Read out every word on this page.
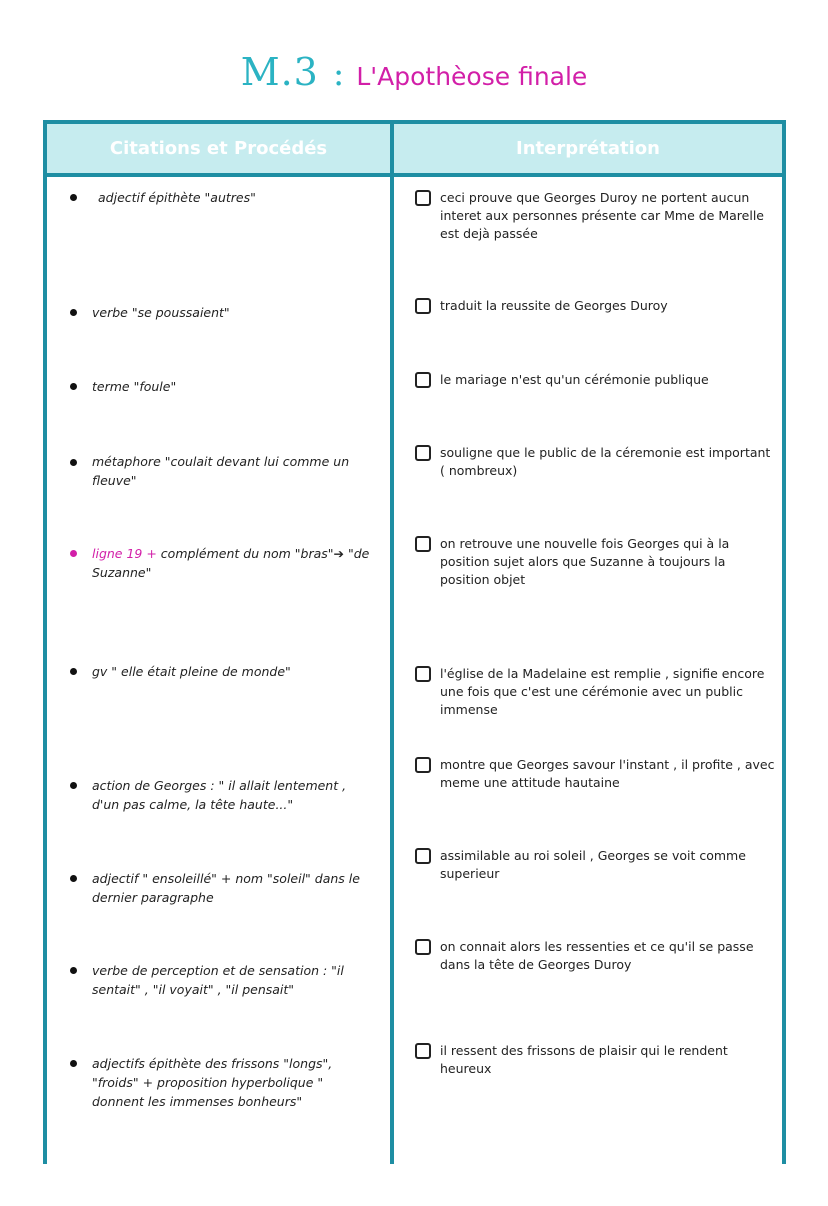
M.3 : L'Apothèose finale
Citations et Procédés	Interprétation
adjectif épithète "autres"
verbe "se poussaient"
terme "foule"
métaphore "coulait devant lui comme un fleuve"
ligne 19 + complément du nom "bras"➔ "de Suzanne"
gv " elle était pleine de monde"
action de Georges : " il allait lentement , d'un pas calme, la tête haute..."
adjectif " ensoleillé" + nom "soleil" dans le dernier paragraphe
verbe de perception et de sensation : "il sentait" , "il voyait" , "il pensait"
adjectifs épithète des frissons "longs", "froids" + proposition hyperbolique " donnent les immenses bonheurs"
ceci prouve que Georges Duroy ne portent aucun interet aux personnes présente car Mme de Marelle est dejà passée
traduit la reussite de Georges Duroy
le mariage n'est qu'un cérémonie publique
souligne que le public de la céremonie est important ( nombreux)
on retrouve une nouvelle fois Georges qui à la position sujet alors que Suzanne à toujours la position objet
l'église de la Madelaine est remplie , signifie encore une fois que c'est une cérémonie avec un public immense
montre que Georges savour l'instant , il profite , avec meme une attitude hautaine
assimilable au roi soleil , Georges se voit comme superieur
on connait alors les ressenties et ce qu'il se passe dans la tête de Georges Duroy
il ressent des frissons de plaisir qui le rendent heureux
